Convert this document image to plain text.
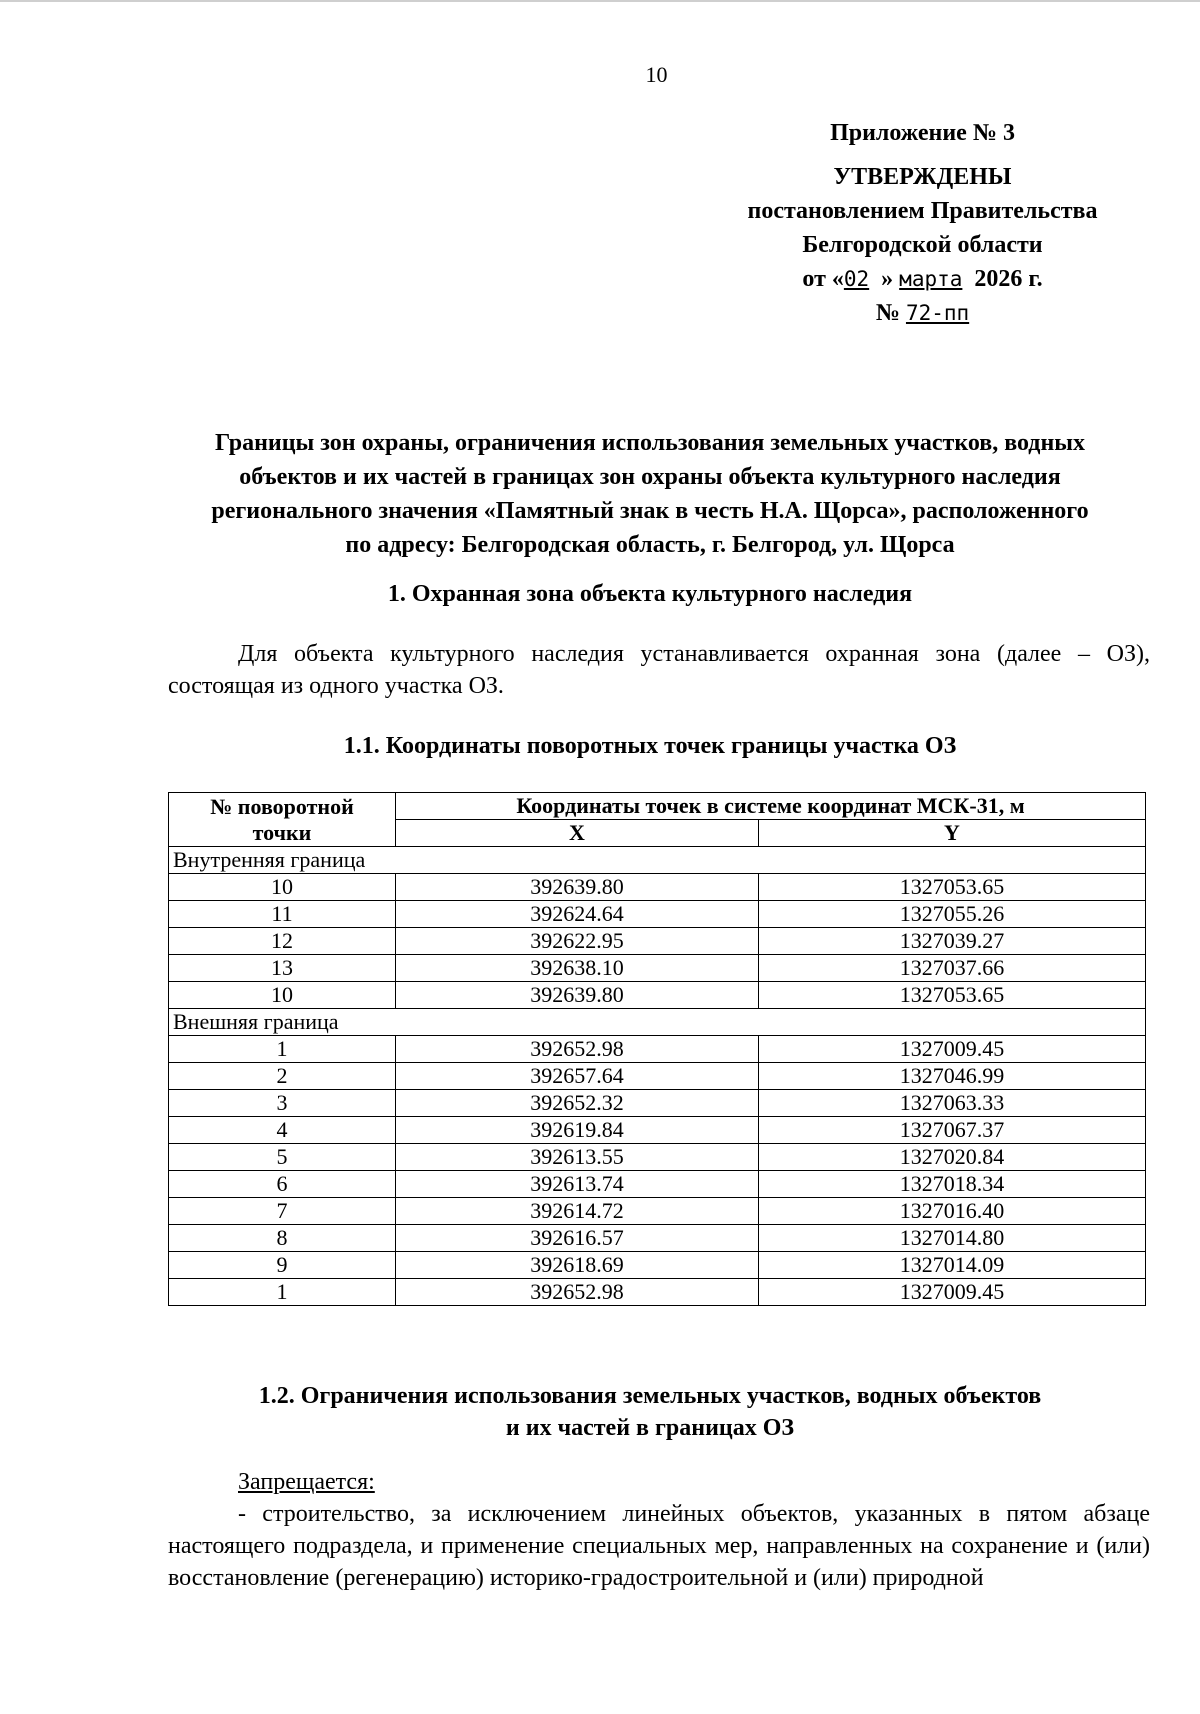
10
Приложение № 3
УТВЕРЖДЕНЫ
постановлением Правительства
Белгородской области
от «02 » марта 2026 г.
№ 72-пп
Границы зон охраны, ограничения использования земельных участков, водных
объектов и их частей в границах зон охраны объекта культурного наследия
регионального значения «Памятный знак в честь Н.А. Щорса», расположенного
по адресу: Белгородская область, г. Белгород, ул. Щорса
1. Охранная зона объекта культурного наследия
Для объекта культурного наследия устанавливается охранная зона (далее – ОЗ), состоящая из одного участка ОЗ.
1.1. Координаты поворотных точек границы участка ОЗ
№ поворотной
точки	Координаты точек в системе координат МСК-31, м	
	X	Y
Внутренняя граница		
10	392639.80	1327053.65
11	392624.64	1327055.26
12	392622.95	1327039.27
13	392638.10	1327037.66
10	392639.80	1327053.65
Внешняя граница		
1	392652.98	1327009.45
2	392657.64	1327046.99
3	392652.32	1327063.33
4	392619.84	1327067.37
5	392613.55	1327020.84
6	392613.74	1327018.34
7	392614.72	1327016.40
8	392616.57	1327014.80
9	392618.69	1327014.09
1	392652.98	1327009.45
1.2. Ограничения использования земельных участков, водных объектов
и их частей в границах ОЗ
Запрещается:
- строительство, за исключением линейных объектов, указанных в пятом абзаце настоящего подраздела, и применение специальных мер, направленных на сохранение и (или) восстановление (регенерацию) историко-градостроительной и (или) природной
